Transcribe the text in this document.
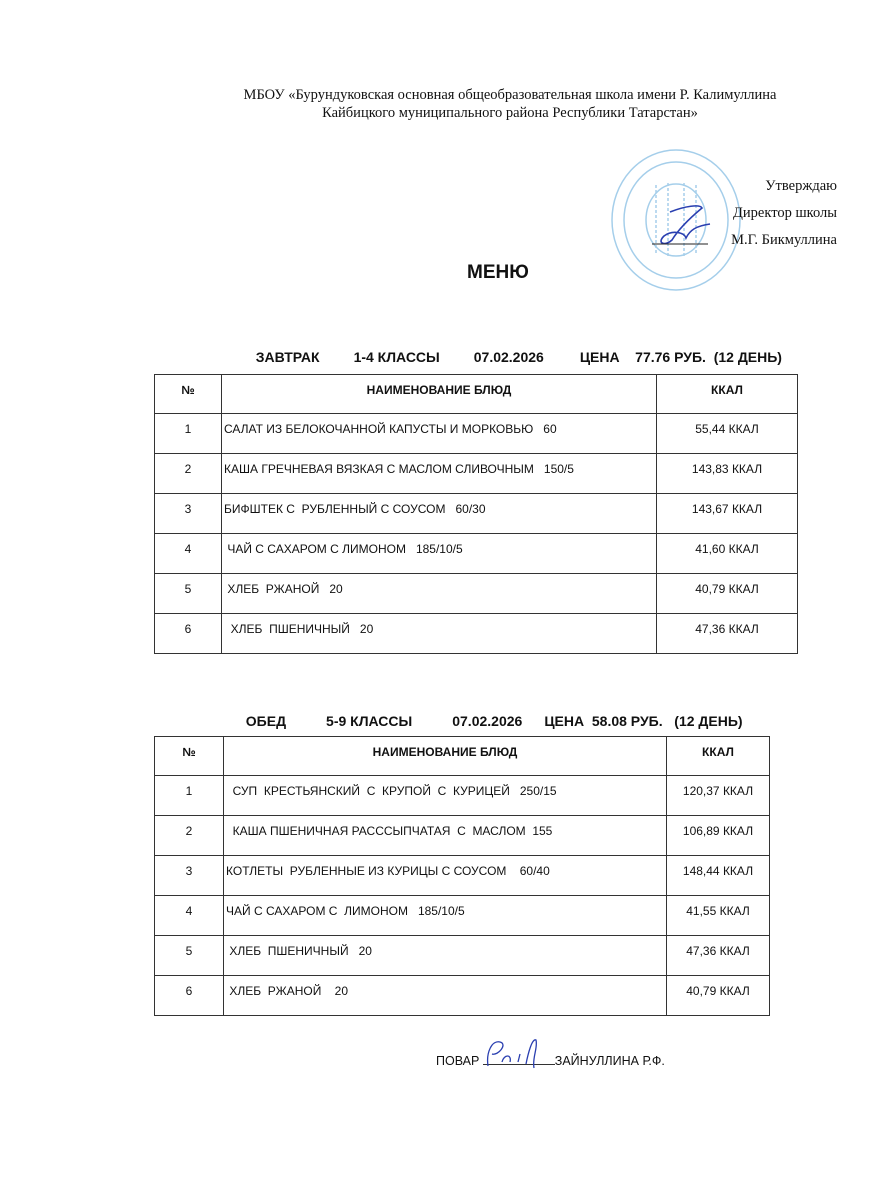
МБОУ «Бурундуковская основная общеобразовательная школа имени Р. Калимуллина
Кайбицкого муниципального района Республики Татарстан»
Утверждаю
Директор школы
М.Г. Бикмуллина
МЕНЮ

ЗАВТРАК 1-4 КЛАССЫ 07.02.2026	ЦЕНА    77.76 РУБ.  (12 ДЕНЬ)

№	НАИМЕНОВАНИЕ БЛЮД	ККАЛ
1	САЛАТ ИЗ БЕЛОКОЧАННОЙ КАПУСТЫ И МОРКОВЬЮ   60	55,44 ККАЛ
2	КАША ГРЕЧНЕВАЯ ВЯЗКАЯ С МАСЛОМ СЛИВОЧНЫМ   150/5	143,83 ККАЛ
3	БИФШТЕК С  РУБЛЕННЫЙ С СОУСОМ   60/30	143,67 ККАЛ
4	ЧАЙ С САХАРОМ С ЛИМОНОМ   185/10/5	41,60 ККАЛ
5	ХЛЕБ  РЖАНОЙ   20	40,79 ККАЛ
6	ХЛЕБ  ПШЕНИЧНЫЙ   20	47,36 ККАЛ

ОБЕД	5-9 КЛАССЫ	07.02.2026 ЦЕНА  58.08 РУБ.   (12 ДЕНЬ)

№	НАИМЕНОВАНИЕ БЛЮД	ККАЛ
1	СУП  КРЕСТЬЯНСКИЙ  С  КРУПОЙ  С  КУРИЦЕЙ   250/15	120,37 ККАЛ
2	КАША ПШЕНИЧНАЯ РАСССЫПЧАТАЯ  С  МАСЛОМ  155	106,89 ККАЛ
3	КОТЛЕТЫ  РУБЛЕННЫЕ ИЗ КУРИЦЫ С СОУСОМ    60/40	148,44 ККАЛ
4	ЧАЙ С САХАРОМ С  ЛИМОНОМ   185/10/5	41,55 ККАЛ
5	ХЛЕБ  ПШЕНИЧНЫЙ   20	47,36 ККАЛ
6	ХЛЕБ  РЖАНОЙ    20	40,79 ККАЛ
ПОВАР	ЗАЙНУЛЛИНА Р.Ф.
